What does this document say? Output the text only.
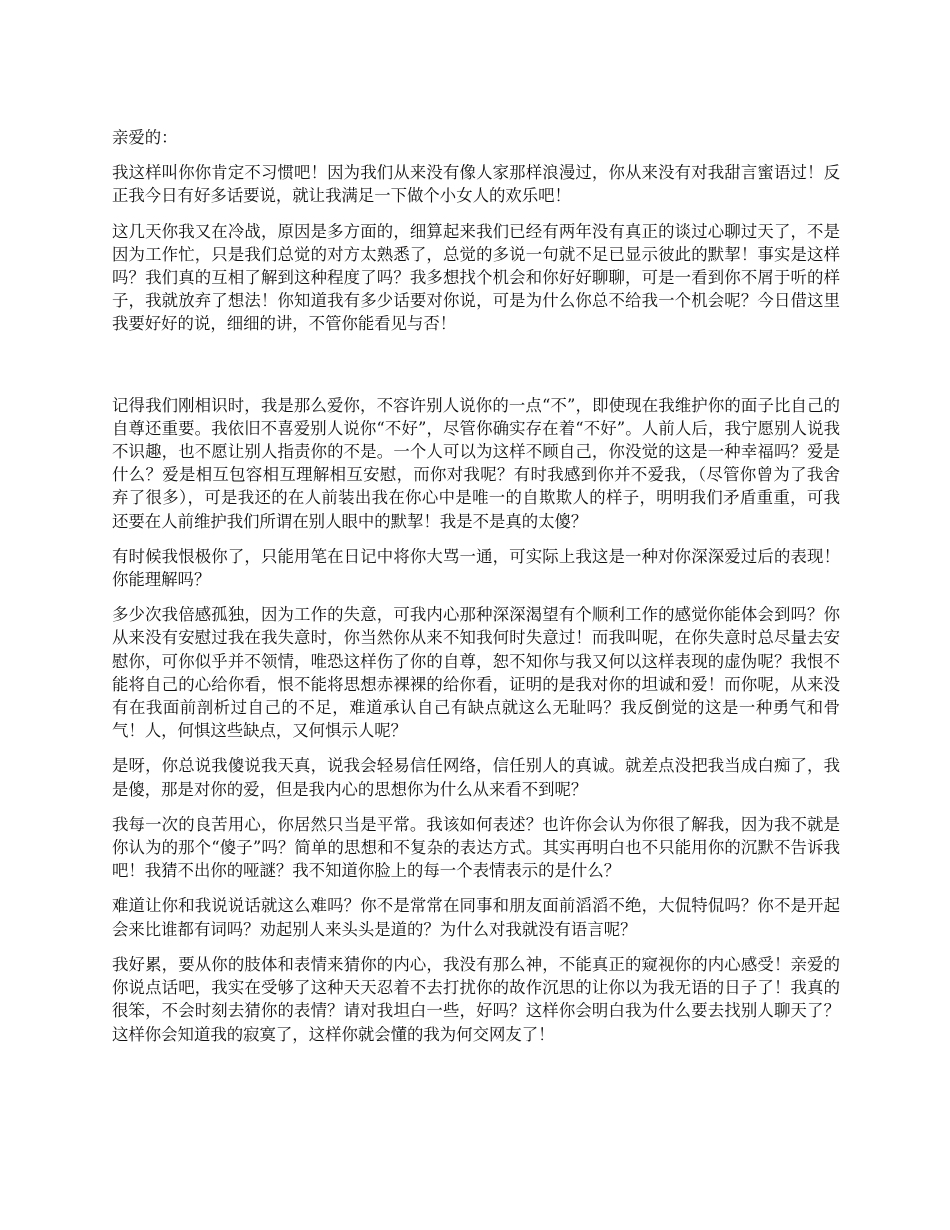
亲爱的：

我这样叫你你肯定不习惯吧！因为我们从来没有像人家那样浪漫过，你从来没有对我甜言蜜语过！反正我今日有好多话要说，就让我满足一下做个小女人的欢乐吧！

这几天你我又在冷战，原因是多方面的，细算起来我们已经有两年没有真正的谈过心聊过天了，不是因为工作忙，只是我们总觉的对方太熟悉了，总觉的多说一句就不足已显示彼此的默挈！事实是这样吗？我们真的互相了解到这种程度了吗？我多想找个机会和你好好聊聊，可是一看到你不屑于听的样子，我就放弃了想法！你知道我有多少话要对你说，可是为什么你总不给我一个机会呢？今日借这里我要好好的说，细细的讲，不管你能看见与否！

记得我们刚相识时，我是那么爱你，不容许别人说你的一点“不”，即使现在我维护你的面子比自己的自尊还重要。我依旧不喜爱别人说你“不好”，尽管你确实存在着“不好”。人前人后，我宁愿别人说我不识趣，也不愿让别人指责你的不是。一个人可以为这样不顾自己，你没觉的这是一种幸福吗？爱是什么？爱是相互包容相互理解相互安慰，而你对我呢？有时我感到你并不爱我，（尽管你曾为了我舍弃了很多），可是我还的在人前装出我在你心中是唯一的自欺欺人的样子，明明我们矛盾重重，可我还要在人前维护我们所谓在别人眼中的默挈！我是不是真的太傻？

有时候我恨极你了，只能用笔在日记中将你大骂一通，可实际上我这是一种对你深深爱过后的表现！你能理解吗？

多少次我倍感孤独，因为工作的失意，可我内心那种深深渴望有个顺利工作的感觉你能体会到吗？你从来没有安慰过我在我失意时，你当然你从来不知我何时失意过！而我叫呢，在你失意时总尽量去安慰你，可你似乎并不领情，唯恐这样伤了你的自尊，恕不知你与我又何以这样表现的虚伪呢？我恨不能将自己的心给你看，恨不能将思想赤裸裸的给你看，证明的是我对你的坦诚和爱！而你呢，从来没有在我面前剖析过自己的不足，难道承认自己有缺点就这么无耻吗？我反倒觉的这是一种勇气和骨气！人，何惧这些缺点，又何惧示人呢？

是呀，你总说我傻说我天真，说我会轻易信任网络，信任别人的真诚。就差点没把我当成白痴了，我是傻，那是对你的爱，但是我内心的思想你为什么从来看不到呢？

我每一次的良苦用心，你居然只当是平常。我该如何表述？也许你会认为你很了解我，因为我不就是你认为的那个“傻子”吗？简单的思想和不复杂的表达方式。其实再明白也不只能用你的沉默不告诉我吧！我猜不出你的哑謎？我不知道你脸上的每一个表情表示的是什么？

难道让你和我说说话就这么难吗？你不是常常在同事和朋友面前滔滔不绝，大侃特侃吗？你不是开起会来比谁都有词吗？劝起别人来头头是道的？为什么对我就没有语言呢？

我好累，要从你的肢体和表情来猜你的内心，我没有那么神，不能真正的窥视你的内心感受！亲爱的你说点话吧，我实在受够了这种天天忍着不去打扰你的故作沉思的让你以为我无语的日子了！我真的很笨，不会时刻去猜你的表情？请对我坦白一些，好吗？这样你会明白我为什么要去找别人聊天了？这样你会知道我的寂寞了，这样你就会懂的我为何交网友了！
